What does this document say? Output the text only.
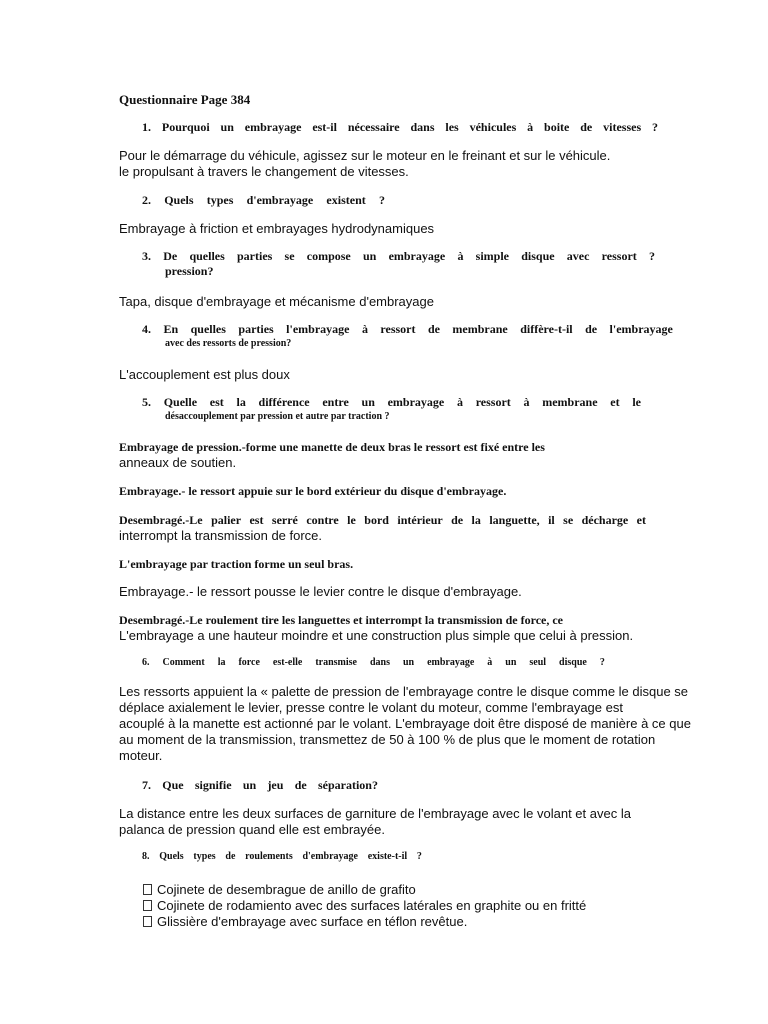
Questionnaire Page 384
1. Pourquoi un embrayage est-il nécessaire dans les véhicules à boite de vitesses ?
Pour le démarrage du véhicule, agissez sur le moteur en le freinant et sur le véhicule.
le propulsant à travers le changement de vitesses.
2. Quels types d'embrayage existent ?
Embrayage à friction et embrayages hydrodynamiques
3. De quelles parties se compose un embrayage à simple disque avec ressort ?
pression?
Tapa, disque d'embrayage et mécanisme d'embrayage
4. En quelles parties l'embrayage à ressort de membrane diffère-t-il de l'embrayage
avec des ressorts de pression?
L'accouplement est plus doux
5. Quelle est la différence entre un embrayage à ressort à membrane et le
désaccouplement par pression et autre par traction ?
Embrayage de pression.-forme une manette de deux bras le ressort est fixé entre les
anneaux de soutien.
Embrayage.- le ressort appuie sur le bord extérieur du disque d'embrayage.
Desembragé.-Le palier est serré contre le bord intérieur de la languette, il se décharge et
interrompt la transmission de force.
L'embrayage par traction forme un seul bras.
Embrayage.- le ressort pousse le levier contre le disque d'embrayage.
Desembragé.-Le roulement tire les languettes et interrompt la transmission de force, ce
L'embrayage a une hauteur moindre et une construction plus simple que celui à pression.
6. Comment la force est-elle transmise dans un embrayage à un seul disque ?
Les ressorts appuient la « palette de pression de l'embrayage contre le disque comme le disque se
déplace axialement le levier, presse contre le volant du moteur, comme l'embrayage est
acouplé à la manette est actionné par le volant. L'embrayage doit être disposé de manière à ce que
au moment de la transmission, transmettez de 50 à 100 % de plus que le moment de rotation
moteur.
7. Que signifie un jeu de séparation?
La distance entre les deux surfaces de garniture de l'embrayage avec le volant et avec la
palanca de pression quand elle est embrayée.
8. Quels types de roulements d'embrayage existe-t-il ?
Cojinete de desembrague de anillo de grafito
Cojinete de rodamiento avec des surfaces latérales en graphite ou en fritté
Glissière d'embrayage avec surface en téflon revêtue.
